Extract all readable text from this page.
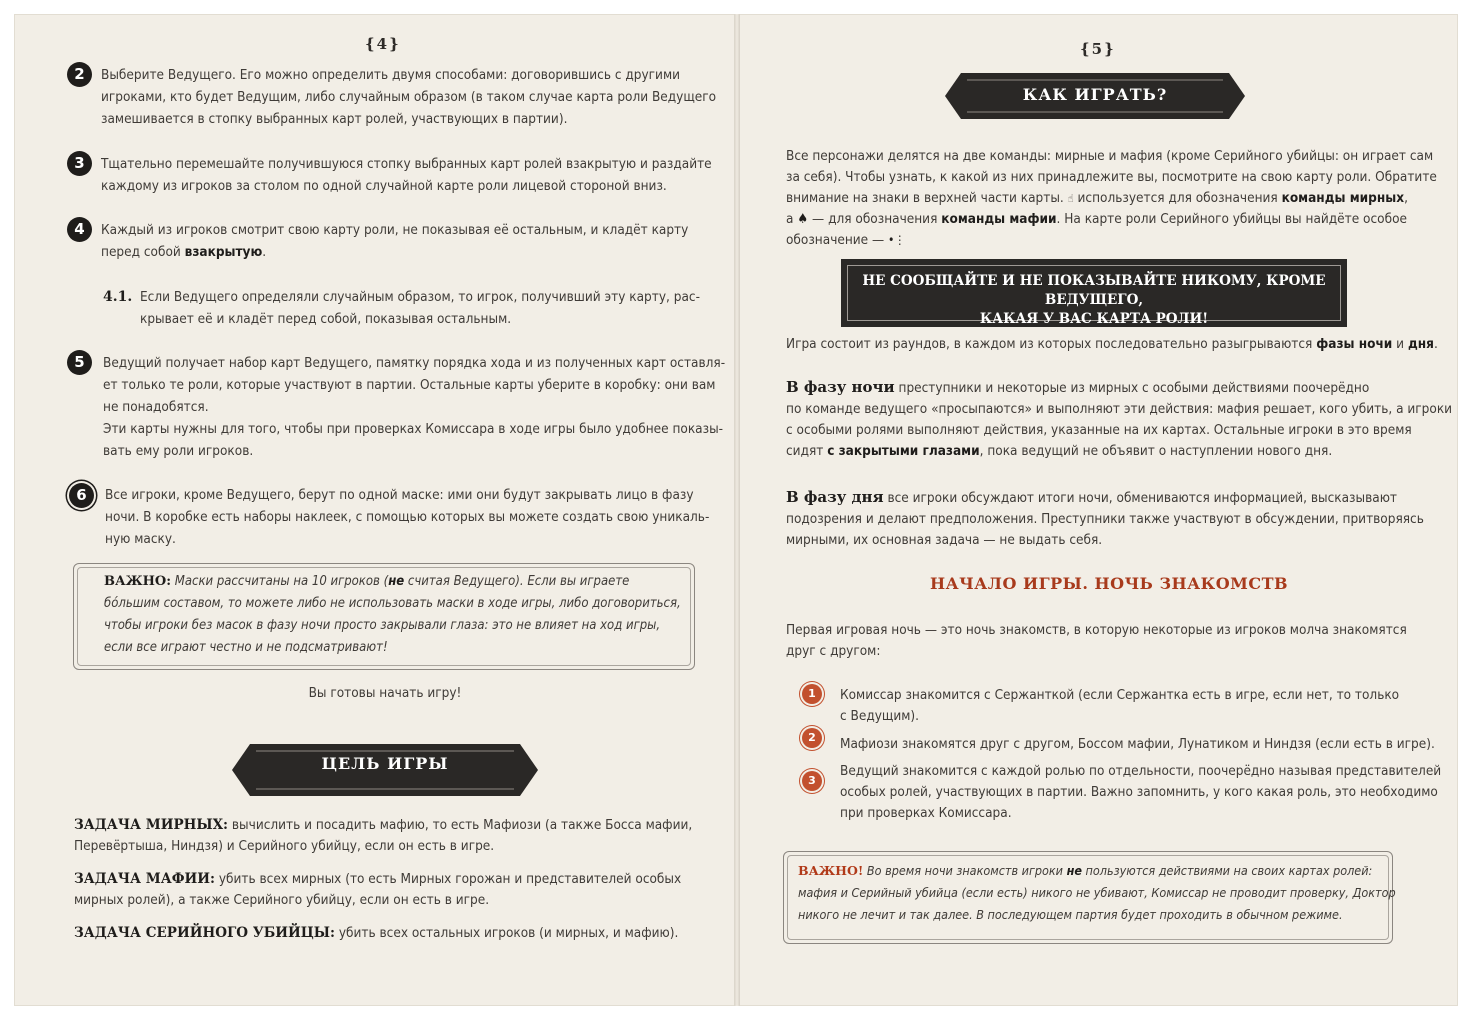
{4}
2	Выберите Ведущего. Его можно определить двумя способами: договорившись с другими

игроками, кто будет Ведущим, либо случайным образом (в таком случае карта роли Ведущего

замешивается в стопку выбранных карт ролей, участвующих в партии).

3	Тщательно перемешайте получившуюся стопку выбранных карт ролей взакрытую и раздайте

каждому из игроков за столом по одной случайной карте роли лицевой стороной вниз.

4	Каждый из игроков смотрит свою карту роли, не показывая её остальным, и кладёт карту

перед собой взакрытую.

4.1. Если Ведущего определяли случайным образом, то игрок, получивший эту карту, рас-

крывает её и кладёт перед собой, показывая остальным.

5	Ведущий получает набор карт Ведущего, памятку порядка хода и из полученных карт оставля-

ет только те роли, которые участвуют в партии. Остальные карты уберите в коробку: они вам

не понадобятся.

Эти карты нужны для того, чтобы при проверках Комиссара в ходе игры было удобнее показы-

вать ему роли игроков.

6	Все игроки, кроме Ведущего, берут по одной маске: ими они будут закрывать лицо в фазу

ночи. В коробке есть наборы наклеек, с помощью которых вы можете создать свою уникаль-

ную маску.

ВАЖНО: Маски рассчитаны на 10 игроков (не считая Ведущего). Если вы играете

бо́льшим составом, то можете либо не использовать маски в ходе игры, либо договориться,

чтобы игроки без масок в фазу ночи просто закрывали глаза: это не влияет на ход игры,

если все играют честно и не подсматривают!

Вы готовы начать игру!
ЦЕЛЬ ИГРЫ

ЗАДАЧА МИРНЫХ: вычислить и посадить мафию, то есть Мафиози (а также Босса мафии,

Перевёртыша, Ниндзя) и Серийного убийцу, если он есть в игре.

ЗАДАЧА МАФИИ: убить всех мирных (то есть Мирных горожан и представителей особых

мирных ролей), а также Серийного убийцу, если он есть в игре.

ЗАДАЧА СЕРИЙНОГО УБИЙЦЫ: убить всех остальных игроков (и мирных, и мафию).

{5}
КАК ИГРАТЬ?

Все персонажи делятся на две команды: мирные и мафия (кроме Серийного убийцы: он играет сам

за себя). Чтобы узнать, к какой из них принадлежите вы, посмотрите на свою карту роли. Обратите

внимание на знаки в верхней части карты. ☝ используется для обозначения команды мирных,

а ♠ — для обозначения команды мафии. На карте роли Серийного убийцы вы найдёте особое

обозначение — •⋮

НЕ СООБЩАЙТЕ И НЕ ПОКАЗЫВАЙТЕ НИКОМУ, КРОМЕ ВЕДУЩЕГО,

КАКАЯ У ВАС КАРТА РОЛИ!

Игра состоит из раундов, в каждом из которых последовательно разыгрываются фазы ночи и дня.

В фазу ночи преступники и некоторые из мирных с особыми действиями поочерёдно

по команде ведущего «просыпаются» и выполняют эти действия: мафия решает, кого убить, а игроки

с особыми ролями выполняют действия, указанные на их картах. Остальные игроки в это время

сидят с закрытыми глазами, пока ведущий не объявит о наступлении нового дня.

В фазу дня все игроки обсуждают итоги ночи, обмениваются информацией, высказывают

подозрения и делают предположения. Преступники также участвуют в обсуждении, притворяясь

мирными, их основная задача — не выдать себя.

НАЧАЛО ИГРЫ. НОЧЬ ЗНАКОМСТВ

Первая игровая ночь — это ночь знакомств, в которую некоторые из игроков молча знакомятся

друг с другом:

1	Комиссар знакомится с Сержанткой (если Сержантка есть в игре, если нет, то только

с Ведущим).

2	Мафиози знакомятся друг с другом, Боссом мафии, Лунатиком и Ниндзя (если есть в игре).

3

Ведущий знакомится с каждой ролью по отдельности, поочерёдно называя представителей

особых ролей, участвующих в партии. Важно запомнить, у кого какая роль, это необходимо

при проверках Комиссара.

ВАЖНО! Во время ночи знакомств игроки не пользуются действиями на своих картах ролей:

мафия и Серийный убийца (если есть) никого не убивают, Комиссар не проводит проверку, Доктор

никого не лечит и так далее. В последующем партия будет проходить в обычном режиме.
